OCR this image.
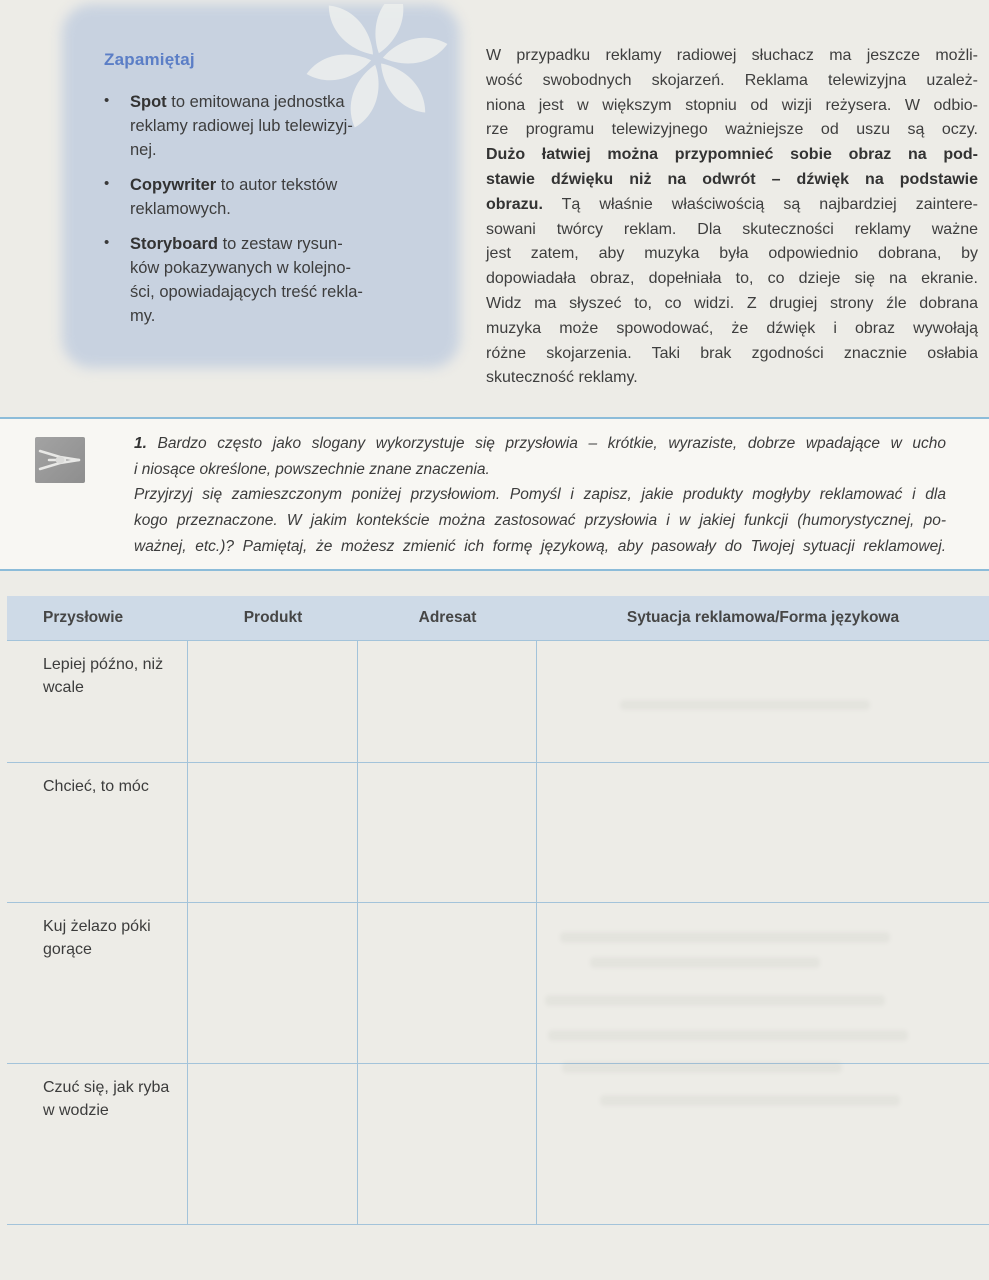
Zapamiętaj
•	Spot to emitowana jednostka
reklamy radiowej lub telewizyj-
nej.
•	Copywriter to autor tekstów
reklamowych.
•	Storyboard to zestaw rysun-
ków pokazywanych w kolejno-
ści, opowiadających treść rekla-
my.
W przypadku reklamy radiowej słuchacz ma jeszcze możli-
wość swobodnych skojarzeń. Reklama telewizyjna uzależ-
niona jest w większym stopniu od wizji reżysera. W odbio-
rze programu telewizyjnego ważniejsze od uszu są oczy.
Dużo łatwiej można przypomnieć sobie obraz na pod-
stawie dźwięku niż na odwrót – dźwięk na podstawie
obrazu. Tą właśnie właściwością są najbardziej zaintere-
sowani twórcy reklam. Dla skuteczności reklamy ważne
jest zatem, aby muzyka była odpowiednio dobrana, by
dopowiadała obraz, dopełniała to, co dzieje się na ekranie.
Widz ma słyszeć to, co widzi. Z drugiej strony źle dobrana
muzyka może spowodować, że dźwięk i obraz wywołają
różne skojarzenia. Taki brak zgodności znacznie osłabia
skuteczność reklamy.
1. Bardzo często jako slogany wykorzystuje się przysłowia – krótkie, wyraziste, dobrze wpadające w ucho
i niosące określone, powszechnie znane znaczenia.
Przyjrzyj się zamieszczonym poniżej przysłowiom. Pomyśl i zapisz, jakie produkty mogłyby reklamować i dla
kogo przeznaczone. W jakim kontekście można zastosować przysłowia i w jakiej funkcji (humorystycznej, po-
ważnej, etc.)? Pamiętaj, że możesz zmienić ich formę językową, aby pasowały do Twojej sytuacji reklamowej.
Przysłowie	Produkt	Adresat	Sytuacja reklamowa/Forma językowa
Lepiej późno, niż
wcale
Chcieć, to móc
Kuj żelazo póki
gorące
Czuć się, jak ryba
w wodzie
